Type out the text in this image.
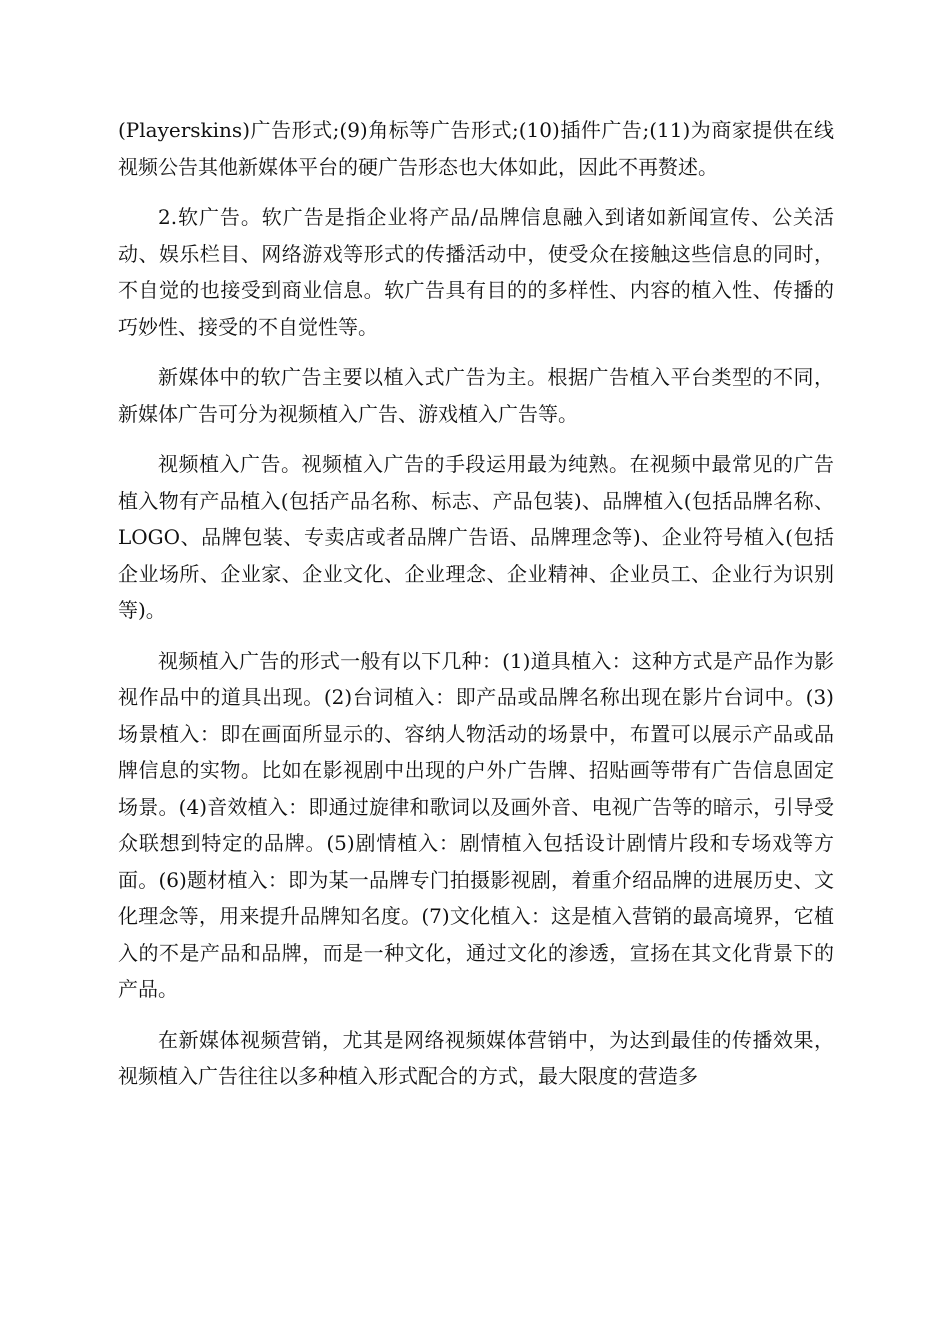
(Playerskins)广告形式;(9)角标等广告形式;(10)插件广告;(11)为商家提供在线视频公告其他新媒体平台的硬广告形态也大体如此，因此不再赘述。

2.软广告。软广告是指企业将产品/品牌信息融入到诸如新闻宣传、公关活动、娱乐栏目、网络游戏等形式的传播活动中，使受众在接触这些信息的同时，不自觉的也接受到商业信息。软广告具有目的的多样性、内容的植入性、传播的巧妙性、接受的不自觉性等。

新媒体中的软广告主要以植入式广告为主。根据广告植入平台类型的不同，新媒体广告可分为视频植入广告、游戏植入广告等。

视频植入广告。视频植入广告的手段运用最为纯熟。在视频中最常见的广告植入物有产品植入(包括产品名称、标志、产品包装)、品牌植入(包括品牌名称、LOGO、品牌包装、专卖店或者品牌广告语、品牌理念等)、企业符号植入(包括企业场所、企业家、企业文化、企业理念、企业精神、企业员工、企业行为识别等)。

视频植入广告的形式一般有以下几种：(1)道具植入：这种方式是产品作为影视作品中的道具出现。(2)台词植入：即产品或品牌名称出现在影片台词中。(3)场景植入：即在画面所显示的、容纳人物活动的场景中，布置可以展示产品或品牌信息的实物。比如在影视剧中出现的户外广告牌、招贴画等带有广告信息固定场景。(4)音效植入：即通过旋律和歌词以及画外音、电视广告等的暗示，引导受众联想到特定的品牌。(5)剧情植入：剧情植入包括设计剧情片段和专场戏等方面。(6)题材植入：即为某一品牌专门拍摄影视剧，着重介绍品牌的进展历史、文化理念等，用来提升品牌知名度。(7)文化植入：这是植入营销的最高境界，它植入的不是产品和品牌，而是一种文化，通过文化的渗透，宣扬在其文化背景下的产品。

在新媒体视频营销，尤其是网络视频媒体营销中，为达到最佳的传播效果，视频植入广告往往以多种植入形式配合的方式，最大限度的营造多
